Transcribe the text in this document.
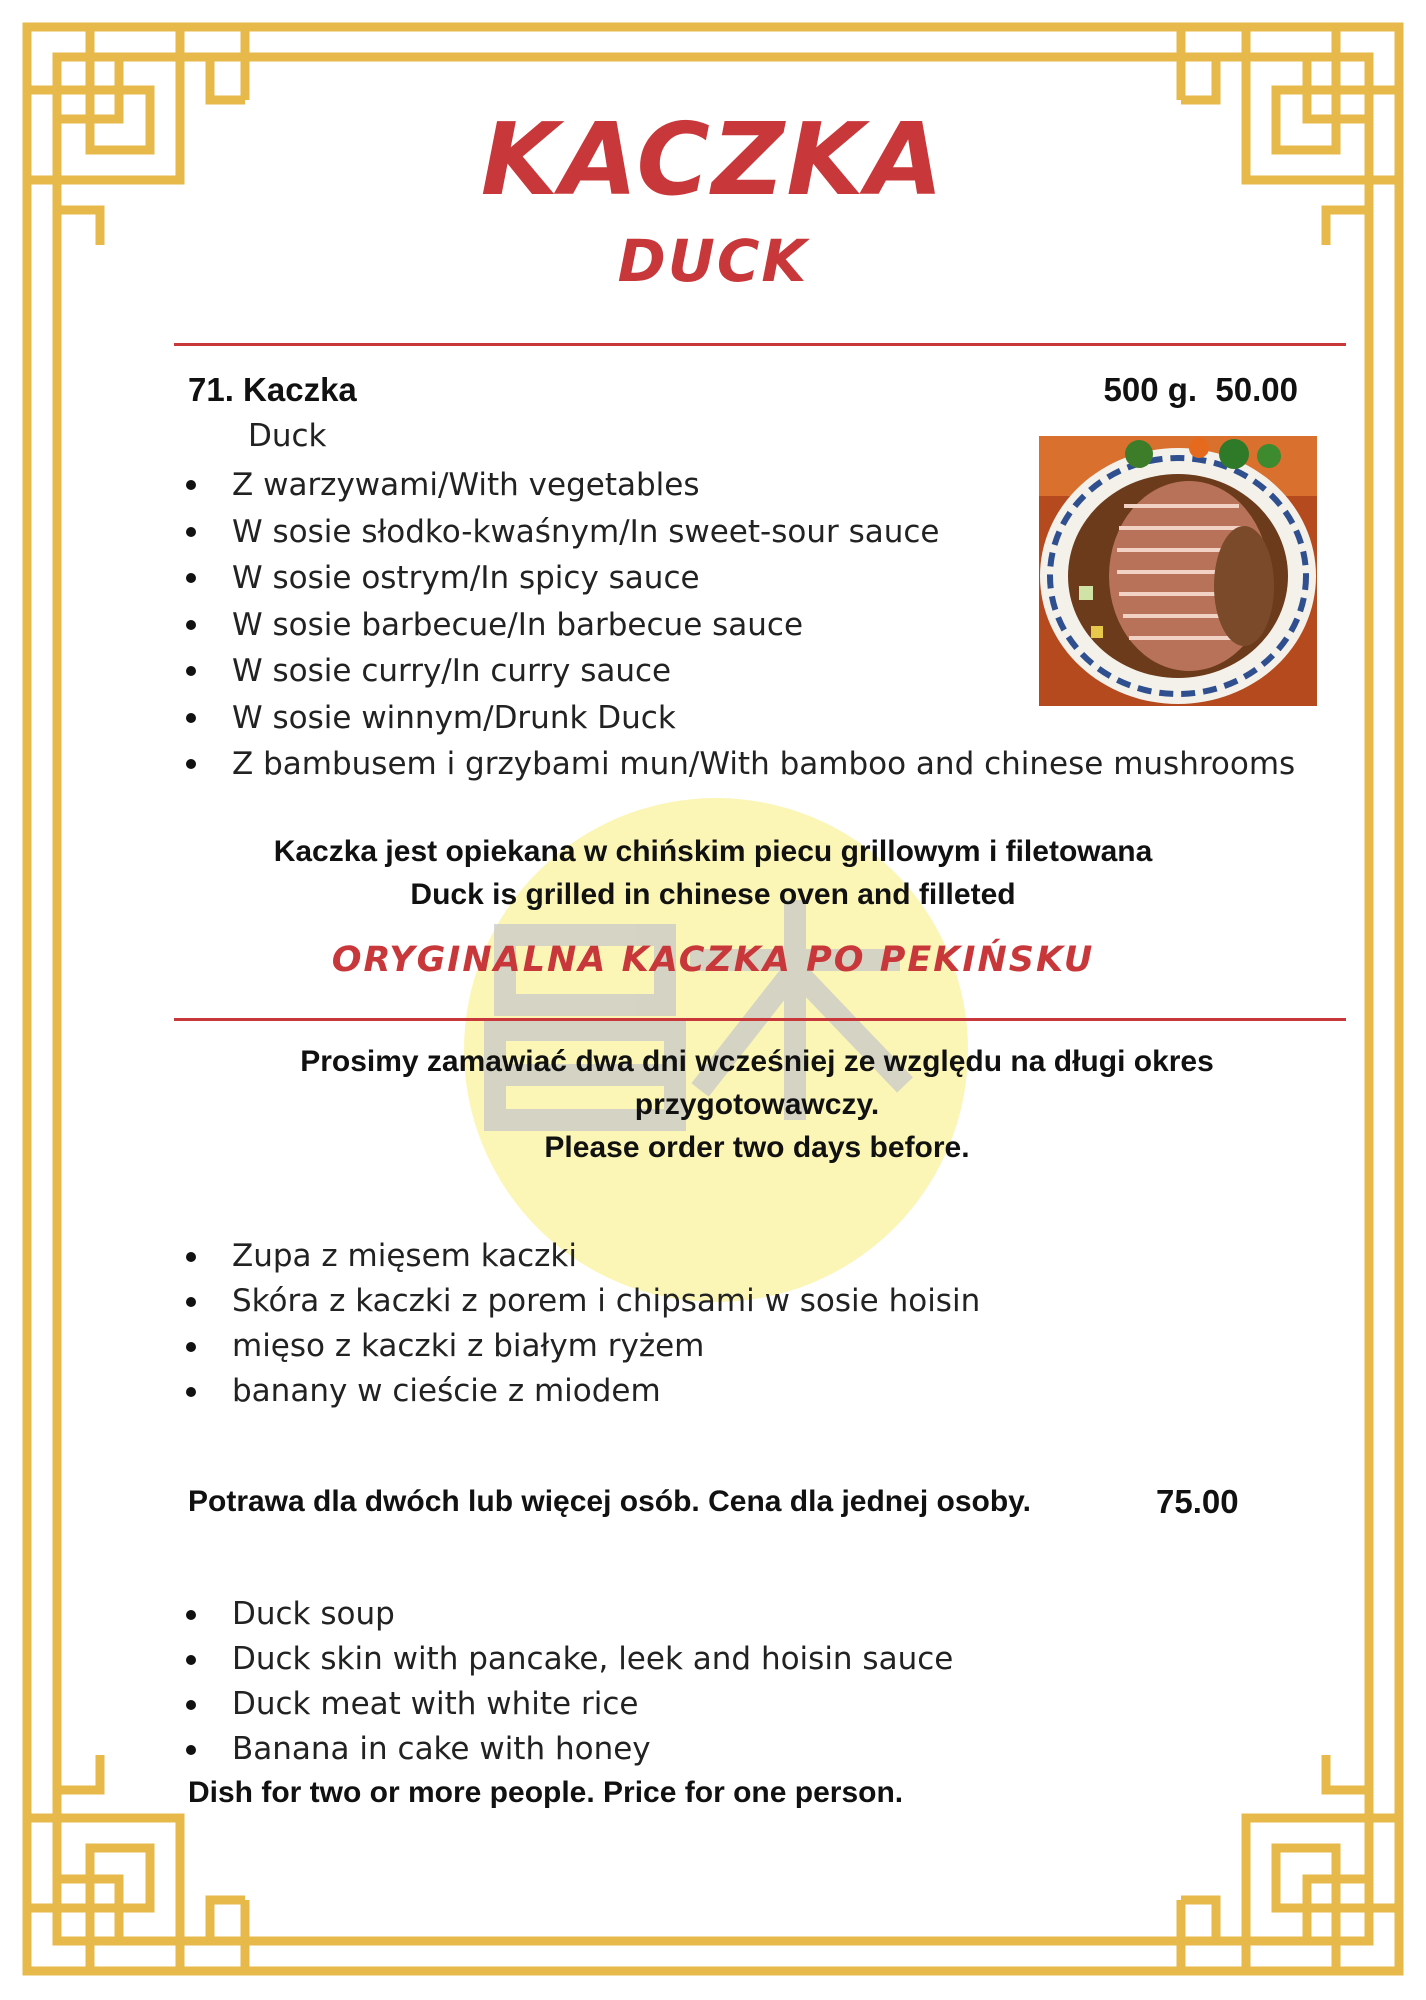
KACZKA
DUCK
71. Kaczka	500 g.  50.00
Duck
Z warzywami/With vegetables
W sosie słodko-kwaśnym/In sweet-sour sauce
W sosie ostrym/In spicy sauce
W sosie barbecue/In barbecue sauce
W sosie curry/In curry sauce
W sosie winnym/Drunk Duck
Z bambusem i grzybami mun/With bamboo and chinese mushrooms
Kaczka jest opiekana w chińskim piecu grillowym i filetowana
Duck is grilled in chinese oven and filleted
ORYGINALNA KACZKA PO PEKIŃSKU
Prosimy zamawiać dwa dni wcześniej ze względu na długi okres
przygotowawczy.
Please order two days before.
Zupa z mięsem kaczki
Skóra z kaczki z porem i chipsami w sosie hoisin
mięso z kaczki z białym ryżem
banany w cieście z miodem
Potrawa dla dwóch lub więcej osób. Cena dla jednej osoby.	75.00
Duck soup
Duck skin with pancake, leek and hoisin sauce
Duck meat with white rice
Banana in cake with honey
Dish for two or more people. Price for one person.
